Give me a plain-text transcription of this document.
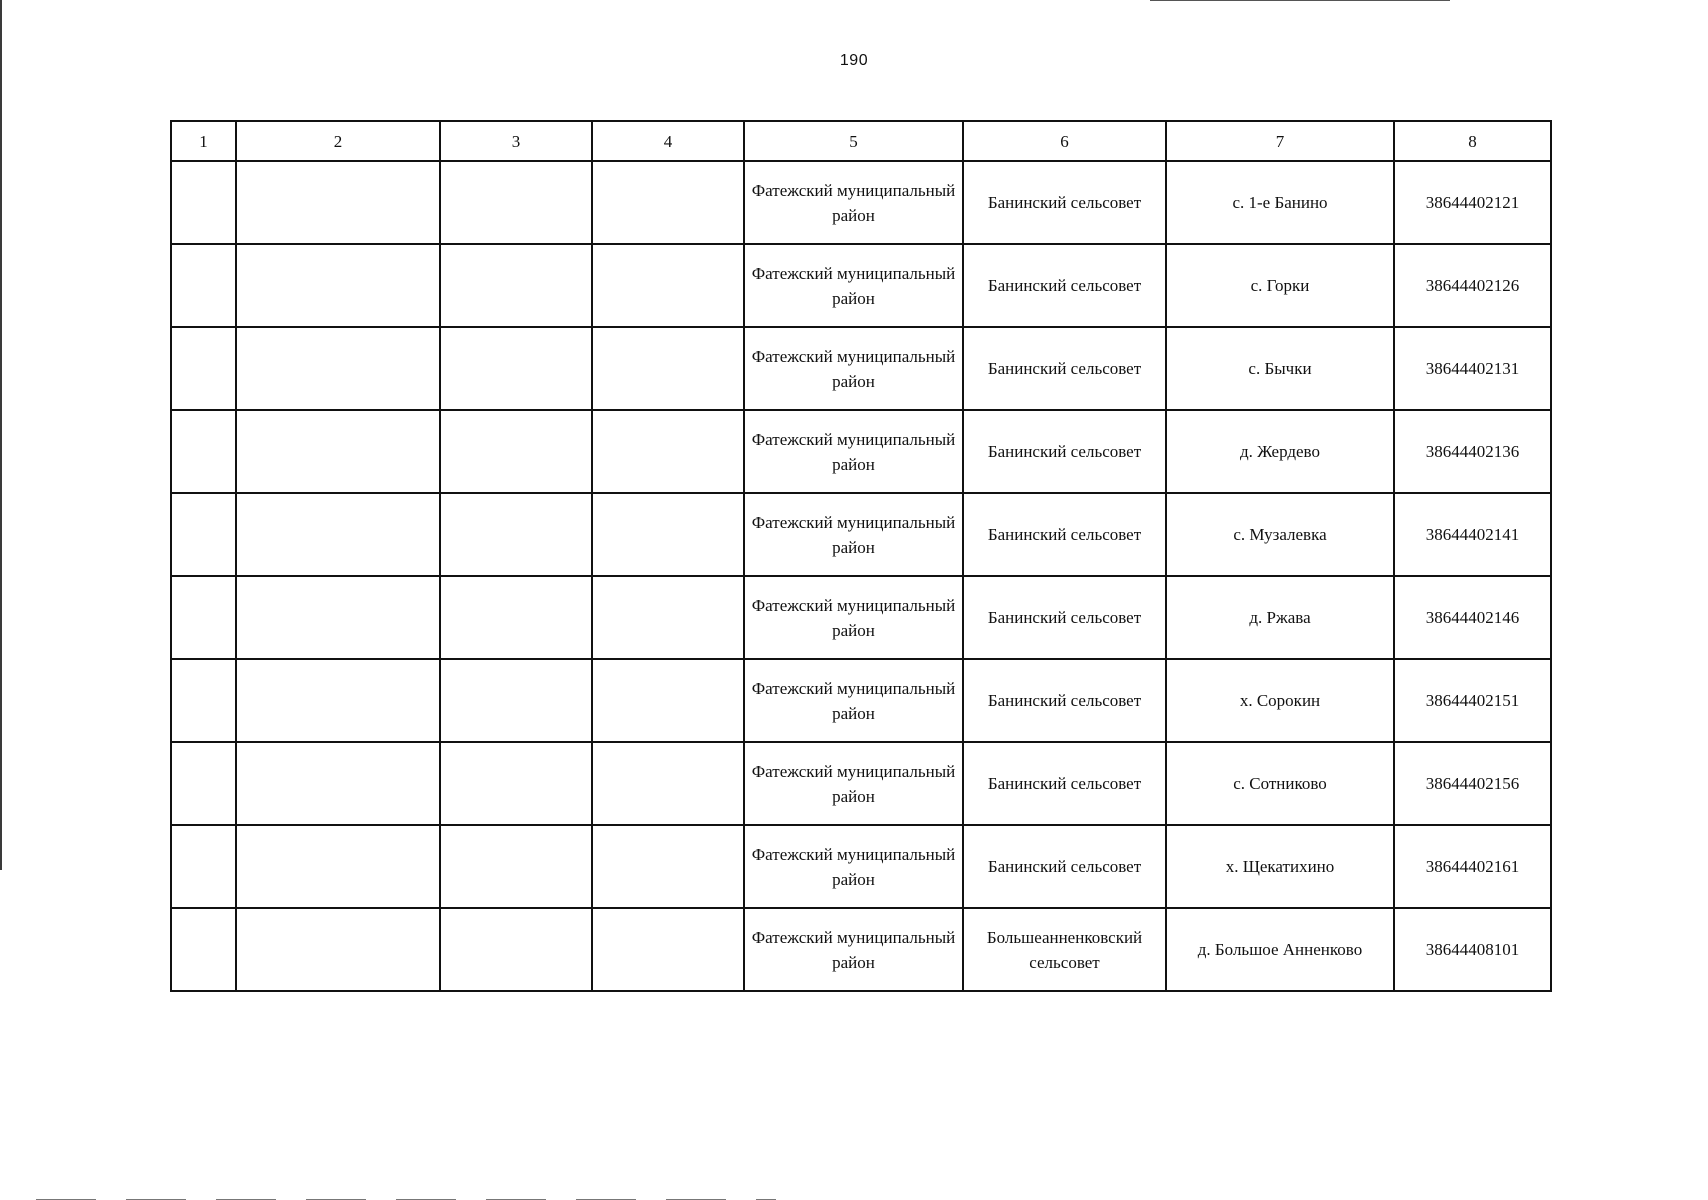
190
1	2	3	4	5	6	7	8
				Фатежский муниципальный район	Банинский сельсовет	с. 1-е Банино	38644402121
				Фатежский муниципальный район	Банинский сельсовет	с. Горки	38644402126
				Фатежский муниципальный район	Банинский сельсовет	с. Бычки	38644402131
				Фатежский муниципальный район	Банинский сельсовет	д. Жердево	38644402136
				Фатежский муниципальный район	Банинский сельсовет	с. Музалевка	38644402141
				Фатежский муниципальный район	Банинский сельсовет	д. Ржава	38644402146
				Фатежский муниципальный район	Банинский сельсовет	х. Сорокин	38644402151
				Фатежский муниципальный район	Банинский сельсовет	с. Сотниково	38644402156
				Фатежский муниципальный район	Банинский сельсовет	х. Щекатихино	38644402161
				Фатежский муниципальный район	Большеанненковский сельсовет	д. Большое Анненково	38644408101
